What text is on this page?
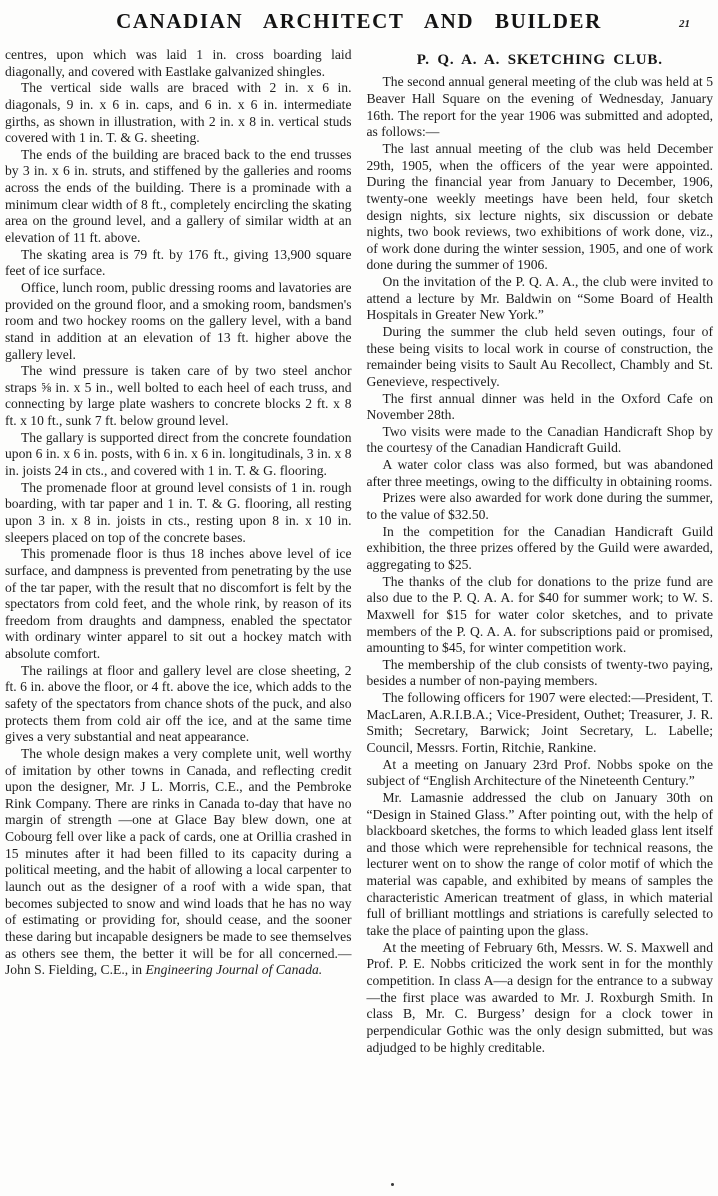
CANADIAN ARCHITECT AND BUILDER	21

centres, upon which was laid 1 in. cross boarding laid diagonally, and covered with Eastlake galvanized shingles.

The vertical side walls are braced with 2 in. x 6 in. diagonals, 9 in. x 6 in. caps, and 6 in. x 6 in. intermediate girths, as shown in illustration, with 2 in. x 8 in. vertical studs covered with 1 in. T. & G. sheeting.

The ends of the building are braced back to the end trusses by 3 in. x 6 in. struts, and stiffened by the galleries and rooms across the ends of the building. There is a prominade with a minimum clear width of 8 ft., completely encircling the skating area on the ground level, and a gallery of similar width at an elevation of 11 ft. above.

The skating area is 79 ft. by 176 ft., giving 13,900 square feet of ice surface.

Office, lunch room, public dressing rooms and lavatories are provided on the ground floor, and a smoking room, bandsmen's room and two hockey rooms on the gallery level, with a band stand in addition at an elevation of 13 ft. higher above the gallery level.

The wind pressure is taken care of by two steel anchor straps ⅝ in. x 5 in., well bolted to each heel of each truss, and connecting by large plate washers to concrete blocks 2 ft. x 8 ft. x 10 ft., sunk 7 ft. below ground level.

The gallary is supported direct from the concrete foundation upon 6 in. x 6 in. posts, with 6 in. x 6 in. longitudinals, 3 in. x 8 in. joists 24 in cts., and covered with 1 in. T. & G. flooring.

The promenade floor at ground level consists of 1 in. rough boarding, with tar paper and 1 in. T. & G. flooring, all resting upon 3 in. x 8 in. joists in cts., resting upon 8 in. x 10 in. sleepers placed on top of the concrete bases.

This promenade floor is thus 18 inches above level of ice surface, and dampness is prevented from penetrating by the use of the tar paper, with the result that no discomfort is felt by the spectators from cold feet, and the whole rink, by reason of its freedom from draughts and dampness, enabled the spectator with ordinary winter apparel to sit out a hockey match with absolute comfort.

The railings at floor and gallery level are close sheeting, 2 ft. 6 in. above the floor, or 4 ft. above the ice, which adds to the safety of the spectators from chance shots of the puck, and also protects them from cold air off the ice, and at the same time gives a very substantial and neat appearance.

The whole design makes a very complete unit, well worthy of imitation by other towns in Canada, and reflecting credit upon the designer, Mr. J L. Morris, C.E., and the Pembroke Rink Company. There are rinks in Canada to-day that have no margin of strength —one at Glace Bay blew down, one at Cobourg fell over like a pack of cards, one at Orillia crashed in 15 minutes after it had been filled to its capacity during a political meeting, and the habit of allowing a local carpenter to launch out as the designer of a roof with a wide span, that becomes subjected to snow and wind loads that he has no way of estimating or providing for, should cease, and the sooner these daring but incapable designers be made to see themselves as others see them, the better it will be for all concerned.—John S. Fielding, C.E., in Engineering Journal of Canada.

P. Q. A. A. SKETCHING CLUB.

The second annual general meeting of the club was held at 5 Beaver Hall Square on the evening of Wednesday, January 16th. The report for the year 1906 was submitted and adopted, as follows:—

The last annual meeting of the club was held December 29th, 1905, when the officers of the year were appointed. During the financial year from January to December, 1906, twenty-one weekly meetings have been held, four sketch design nights, six lecture nights, six discussion or debate nights, two book reviews, two exhibitions of work done, viz., of work done during the winter session, 1905, and one of work done during the summer of 1906.

On the invitation of the P. Q. A. A., the club were invited to attend a lecture by Mr. Baldwin on “Some Board of Health Hospitals in Greater New York.”

During the summer the club held seven outings, four of these being visits to local work in course of construction, the remainder being visits to Sault Au Recollect, Chambly and St. Genevieve, respectively.

The first annual dinner was held in the Oxford Cafe on November 28th.

Two visits were made to the Canadian Handicraft Shop by the courtesy of the Canadian Handicraft Guild.

A water color class was also formed, but was abandoned after three meetings, owing to the difficulty in obtaining rooms.

Prizes were also awarded for work done during the summer, to the value of $32.50.

In the competition for the Canadian Handicraft Guild exhibition, the three prizes offered by the Guild were awarded, aggregating to $25.

The thanks of the club for donations to the prize fund are also due to the P. Q. A. A. for $40 for summer work; to W. S. Maxwell for $15 for water color sketches, and to private members of the P. Q. A. A. for subscriptions paid or promised, amounting to $45, for winter competition work.

The membership of the club consists of twenty-two paying, besides a number of non-paying members.

The following officers for 1907 were elected:—President, T. MacLaren, A.R.I.B.A.; Vice-President, Outhet; Treasurer, J. R. Smith; Secretary, Barwick; Joint Secretary, L. Labelle; Council, Messrs. Fortin, Ritchie, Rankine.

At a meeting on January 23rd Prof. Nobbs spoke on the subject of “English Architecture of the Nineteenth Century.”

Mr. Lamasnie addressed the club on January 30th on “Design in Stained Glass.” After pointing out, with the help of blackboard sketches, the forms to which leaded glass lent itself and those which were reprehensible for technical reasons, the lecturer went on to show the range of color motif of which the material was capable, and exhibited by means of samples the characteristic American treatment of glass, in which material full of brilliant mottlings and striations is carefully selected to take the place of painting upon the glass.

At the meeting of February 6th, Messrs. W. S. Maxwell and Prof. P. E. Nobbs criticized the work sent in for the monthly competition. In class A—a design for the entrance to a subway—the first place was awarded to Mr. J. Roxburgh Smith. In class B, Mr. C. Burgess’ design for a clock tower in perpendicular Gothic was the only design submitted, but was adjudged to be highly creditable.
